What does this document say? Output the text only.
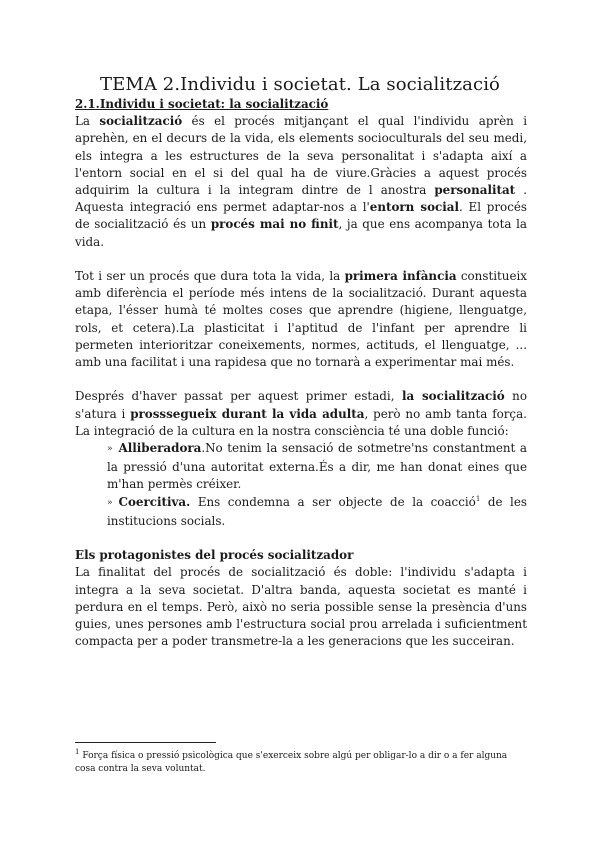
TEMA 2.Individu i societat. La socialització
2.1.Individu i societat: la socialització

La socialització és el procés mitjançant el qual l'individu aprèn i aprehèn, en el decurs de la vida, els elements socioculturals del seu medi, els integra a les estructures de la seva personalitat i s'adapta així a l'entorn social en el si del qual ha de viure.Gràcies a aquest procés adquirim la cultura i la integram dintre de l anostra personalitat . Aquesta integració ens permet adaptar-nos a l'entorn social. El procés de socialització és un procés mai no finit, ja que ens acompanya tota la vida.

Tot i ser un procés que dura tota la vida, la primera infància constitueix amb diferència el període més intens de la socialització. Durant aquesta etapa, l'ésser humà té moltes coses que aprendre (higiene, llenguatge, rols, et cetera).La plasticitat i l'aptitud de l'infant per aprendre li permeten interioritzar coneixements, normes, actituds, el llenguatge, ... amb una facilitat i una rapidesa que no tornarà a experimentar mai més.

Després d'haver passat per aquest primer estadi, la socialització no s'atura i prosssegueix durant la vida adulta, però no amb tanta força. La integració de la cultura en la nostra consciència té una doble funció:

» Alliberadora.No tenim la sensació de sotmetre'ns constantment a la pressió d'una autoritat externa.És a dir, me han donat eines que m'han permès créixer.

» Coercitiva. Ens condemna a ser objecte de la coacció$^1$ de les institucions socials.

Els protagonistes del procés socialitzador

La finalitat del procés de socialització és doble: l'individu s'adapta i integra a la seva societat. D'altra banda, aquesta societat es manté i perdura en el temps. Però, això no seria possible sense la presència d'uns guies, unes persones amb l'estructura social prou arrelada i suficientment compacta per a poder transmetre-la a les generacions que les succeiran.

$^1$ Força física o pressió psicològica que s'exerceix sobre algú per obligar-lo a dir o a fer alguna cosa contra la seva voluntat.
